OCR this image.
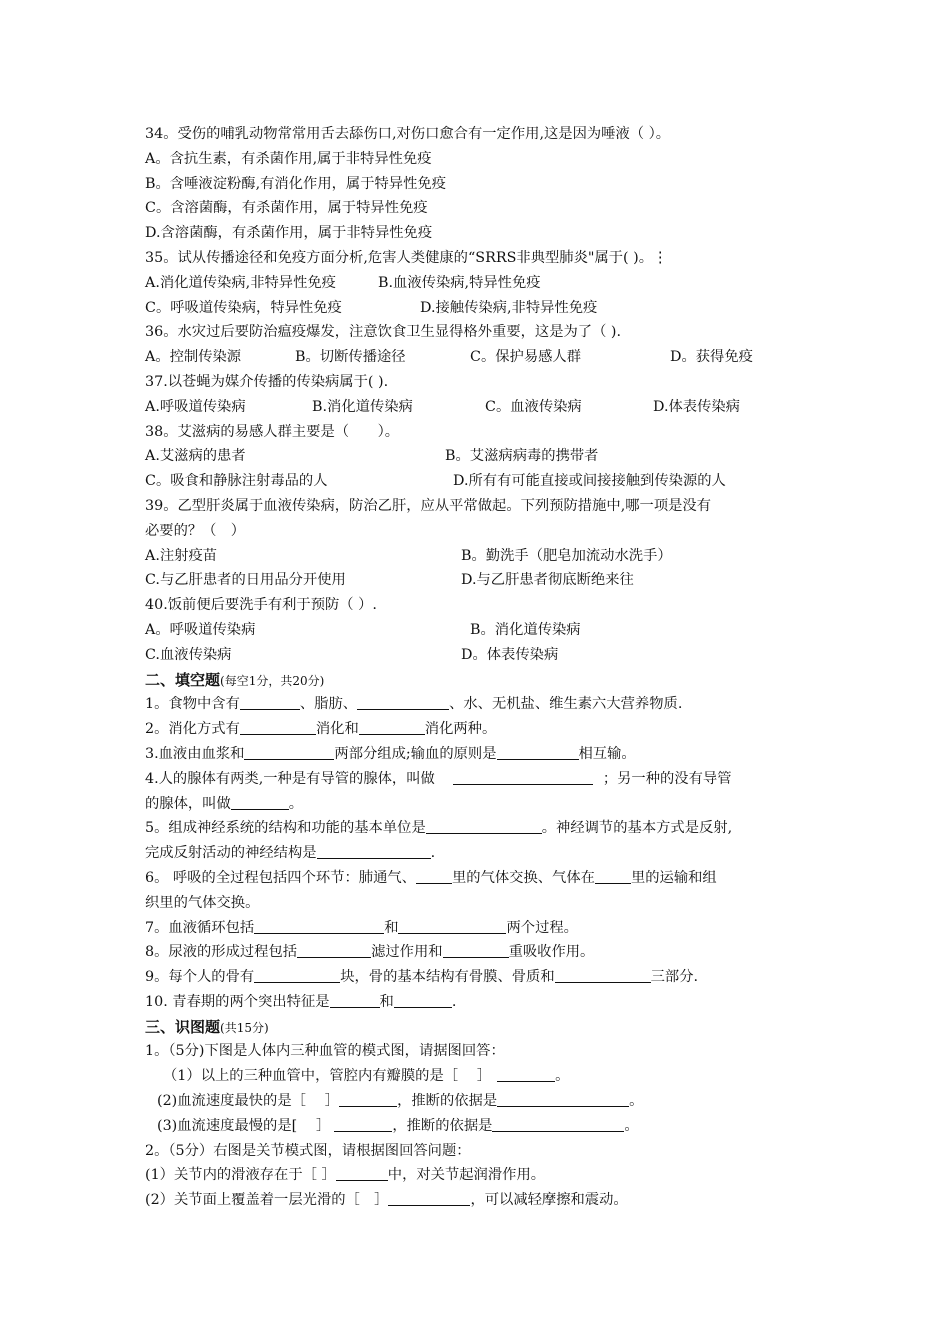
34。受伤的哺乳动物常常用舌去舔伤口,对伤口愈合有一定作用,这是因为唾液（ ）。
A。含抗生素，有杀菌作用,属于非特异性免疫
B。含唾液淀粉酶,有消化作用，属于特异性免疫
C。含溶菌酶，有杀菌作用，属于特异性免疫
D.含溶菌酶，有杀菌作用，属于非特异性免疫
35。试从传播途径和免疫方面分析,危害人类健康的“SRRS非典型肺炎"属于( )。⋮
A.消化道传染病,非特异性免疫	B.血液传染病,特异性免疫
C。呼吸道传染病，特异性免疫	D.接触传染病,非特异性免疫
36。水灾过后要防治瘟疫爆发，注意饮食卫生显得格外重要，这是为了（ ).
A。控制传染源	B。切断传播途径	C。保护易感人群	D。获得免疫
37.以苍蝇为媒介传播的传染病属于( ).
A.呼吸道传染病	B.消化道传染病	C。血液传染病	D.体表传染病
38。艾滋病的易感人群主要是（　　）。
A.艾滋病的患者	B。艾滋病病毒的携带者
C。吸食和静脉注射毒品的人	D.所有有可能直接或间接接触到传染源的人
39。乙型肝炎属于血液传染病，防治乙肝，应从平常做起。下列预防措施中,哪一项是没有
必要的？（　）
A.注射疫苗	B。勤洗手（肥皂加流动水洗手）
C.与乙肝患者的日用品分开使用	D.与乙肝患者彻底断绝来往
40.饭前便后要洗手有利于预防（ ）.
A。呼吸道传染病	B。消化道传染病
C.血液传染病	D。体表传染病
二、填空题(每空1分，共20分)
1。食物中含有	、脂肪、	、水、无机盐、维生素六大营养物质.
2。消化方式有	消化和	消化两种。
3.血液由血浆和	两部分组成;输血的原则是	相互输。
4.人的腺体有两类,一种是有导管的腺体，叫做	；另一种的没有导管
的腺体，叫做	。
5。组成神经系统的结构和功能的基本单位是	。神经调节的基本方式是反射,
完成反射活动的神经结构是	.
6。 呼吸的全过程包括四个环节：肺通气、	里的气体交换、气体在	里的运输和组
织里的气体交换。
7。血液循环包括	和	两个过程。
8。尿液的形成过程包括	滤过作用和	重吸收作用。
9。每个人的骨有	块，骨的基本结构有骨膜、骨质和	三部分.
10. 青春期的两个突出特征是	和	.
三、识图题(共15分)
1。（5分)下图是人体内三种血管的模式图，请据图回答：
（1）以上的三种血管中，管腔内有瓣膜的是［　 ］	。
(2)血流速度最快的是［　 ］	，推断的依据是	。
(3)血流速度最慢的是[　 ］	，推断的依据是	。
2。（5分）右图是关节模式图，请根据图回答问题：
(1）关节内的滑液存在于［ ］	中，对关节起润滑作用。
(2）关节面上覆盖着一层光滑的［　］	，可以减轻摩擦和震动。
